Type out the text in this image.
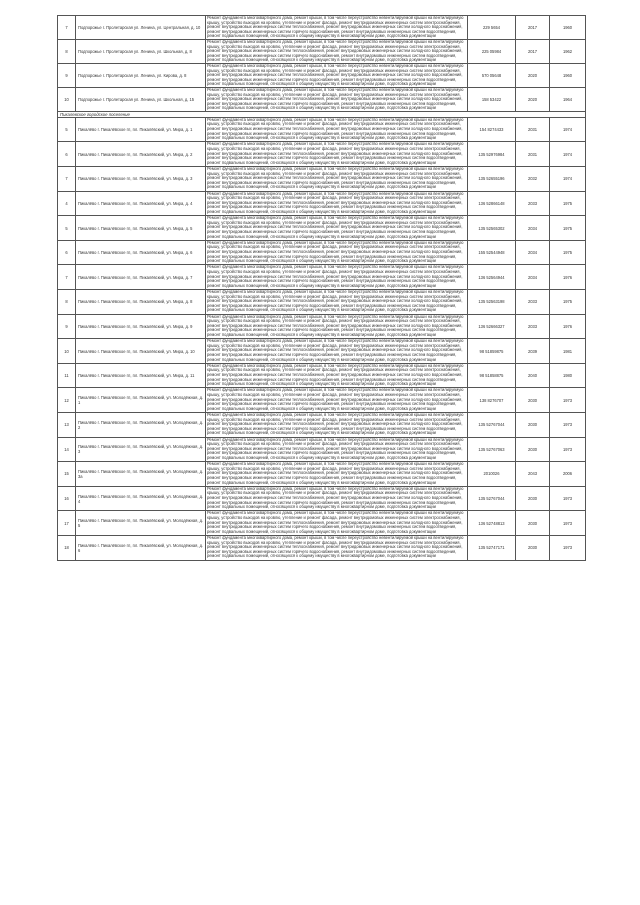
7	Подпорожье г. Пролетарская ул. Ленина, ул. Центральная, д. 10	Ремонт фундамента многоквартирного дома, ремонт крыши, в том числе переустройство невентилируемой крыши на вентилируемую крышу, устройство выходов на кровлю, утепление и ремонт фасада, ремонт внутридомовых инженерных систем электроснабжения, ремонт внутридомовых инженерных систем теплоснабжения, ремонт внутридомовых инженерных систем холодного водоснабжения, ремонт внутридомовых инженерных систем горячего водоснабжения, ремонт внутридомовых инженерных систем водоотведения, ремонт подвальных помещений, относящихся к общему имуществу в многоквартирном доме, подготовка документации	229 5654	2017	1960
8	Подпорожье г. Пролетарская ул. Ленина, ул. Школьная, д. 8	Ремонт фундамента многоквартирного дома, ремонт крыши, в том числе переустройство невентилируемой крыши на вентилируемую крышу, устройство выходов на кровлю, утепление и ремонт фасада, ремонт внутридомовых инженерных систем электроснабжения, ремонт внутридомовых инженерных систем теплоснабжения, ремонт внутридомовых инженерных систем холодного водоснабжения, ремонт внутридомовых инженерных систем горячего водоснабжения, ремонт внутридомовых инженерных систем водоотведения, ремонт подвальных помещений, относящихся к общему имуществу в многоквартирном доме, подготовка документации	225 05984	2017	1962
9	Подпорожье г. Пролетарская ул. Ленина, ул. Кирова, д. 8	Ремонт фундамента многоквартирного дома, ремонт крыши, в том числе переустройство невентилируемой крыши на вентилируемую крышу, устройство выходов на кровлю, утепление и ремонт фасада, ремонт внутридомовых инженерных систем электроснабжения, ремонт внутридомовых инженерных систем теплоснабжения, ремонт внутридомовых инженерных систем холодного водоснабжения, ремонт внутридомовых инженерных систем горячего водоснабжения, ремонт внутридомовых инженерных систем водоотведения, ремонт подвальных помещений, относящихся к общему имуществу в многоквартирном доме, подготовка документации	570 05648	2020	1960
10	Подпорожье г. Пролетарская ул. Ленина, ул. Школьная, д. 15	Ремонт фундамента многоквартирного дома, ремонт крыши, в том числе переустройство невентилируемой крыши на вентилируемую крышу, устройство выходов на кровлю, утепление и ремонт фасада, ремонт внутридомовых инженерных систем электроснабжения, ремонт внутридомовых инженерных систем теплоснабжения, ремонт внутридомовых инженерных систем холодного водоснабжения, ремонт внутридомовых инженерных систем горячего водоснабжения, ремонт внутридомовых инженерных систем водоотведения, ремонт подвальных помещений, относящихся к общему имуществу в многоквартирном доме, подготовка документации	158 53422	2020	1964
Пикалевское городское поселение					
5	Пикалёво г. Пикалёвское гп, пл. Пикалёвский, ул. Мира, д. 1	Ремонт фундамента многоквартирного дома, ремонт крыши, в том числе переустройство невентилируемой крыши на вентилируемую крышу, устройство выходов на кровлю, утепление и ремонт фасада, ремонт внутридомовых инженерных систем электроснабжения, ремонт внутридомовых инженерных систем теплоснабжения, ремонт внутридомовых инженерных систем холодного водоснабжения, ремонт внутридомовых инженерных систем горячего водоснабжения, ремонт внутридомовых инженерных систем водоотведения, ремонт подвальных помещений, относящихся к общему имуществу в многоквартирном доме, подготовка документации	154 8274433	2031	1974
6	Пикалёво г. Пикалёвское гп, пл. Пикалёвский, ул. Мира, д. 2	Ремонт фундамента многоквартирного дома, ремонт крыши, в том числе переустройство невентилируемой крыши на вентилируемую крышу, устройство выходов на кровлю, утепление и ремонт фасада, ремонт внутридомовых инженерных систем электроснабжения, ремонт внутридомовых инженерных систем теплоснабжения, ремонт внутридомовых инженерных систем холодного водоснабжения, ремонт внутридомовых инженерных систем горячего водоснабжения, ремонт внутридомовых инженерных систем водоотведения, ремонт подвальных помещений, относящихся к общему имуществу в многоквартирном доме, подготовка документации	135 52976984	2031	1974
7	Пикалёво г. Пикалёвское гп, пл. Пикалёвский, ул. Мира, д. 3	Ремонт фундамента многоквартирного дома, ремонт крыши, в том числе переустройство невентилируемой крыши на вентилируемую крышу, устройство выходов на кровлю, утепление и ремонт фасада, ремонт внутридомовых инженерных систем электроснабжения, ремонт внутридомовых инженерных систем теплоснабжения, ремонт внутридомовых инженерных систем холодного водоснабжения, ремонт внутридомовых инженерных систем горячего водоснабжения, ремонт внутридомовых инженерных систем водоотведения, ремонт подвальных помещений, относящихся к общему имуществу в многоквартирном доме, подготовка документации	135 52655196	2032	1974
4	Пикалёво г. Пикалёвское гп, пл. Пикалёвский, ул. Мира, д. 4	Ремонт фундамента многоквартирного дома, ремонт крыши, в том числе переустройство невентилируемой крыши на вентилируемую крышу, устройство выходов на кровлю, утепление и ремонт фасада, ремонт внутридомовых инженерных систем электроснабжения, ремонт внутридомовых инженерных систем теплоснабжения, ремонт внутридомовых инженерных систем холодного водоснабжения, ремонт внутридомовых инженерных систем горячего водоснабжения, ремонт внутридомовых инженерных систем водоотведения, ремонт подвальных помещений, относящихся к общему имуществу в многоквартирном доме, подготовка документации	136 52866148	2033	1975
5	Пикалёво г. Пикалёвское гп, пл. Пикалёвский, ул. Мира, д. 5	Ремонт фундамента многоквартирного дома, ремонт крыши, в том числе переустройство невентилируемой крыши на вентилируемую крышу, устройство выходов на кровлю, утепление и ремонт фасада, ремонт внутридомовых инженерных систем электроснабжения, ремонт внутридомовых инженерных систем теплоснабжения, ремонт внутридомовых инженерных систем холодного водоснабжения, ремонт внутридомовых инженерных систем горячего водоснабжения, ремонт внутридомовых инженерных систем водоотведения, ремонт подвальных помещений, относящихся к общему имуществу в многоквартирном доме, подготовка документации	135 52565302	2034	1975
6	Пикалёво г. Пикалёвское гп, пл. Пикалёвский, ул. Мира, д. 6	Ремонт фундамента многоквартирного дома, ремонт крыши, в том числе переустройство невентилируемой крыши на вентилируемую крышу, устройство выходов на кровлю, утепление и ремонт фасада, ремонт внутридомовых инженерных систем электроснабжения, ремонт внутридомовых инженерных систем теплоснабжения, ремонт внутридомовых инженерных систем холодного водоснабжения, ремонт внутридомовых инженерных систем горячего водоснабжения, ремонт внутридомовых инженерных систем водоотведения, ремонт подвальных помещений, относящихся к общему имуществу в многоквартирном доме, подготовка документации	155 52544948	2034	1975
7	Пикалёво г. Пикалёвское гп, пл. Пикалёвский, ул. Мира, д. 7	Ремонт фундамента многоквартирного дома, ремонт крыши, в том числе переустройство невентилируемой крыши на вентилируемую крышу, устройство выходов на кровлю, утепление и ремонт фасада, ремонт внутридомовых инженерных систем электроснабжения, ремонт внутридомовых инженерных систем теплоснабжения, ремонт внутридомовых инженерных систем холодного водоснабжения, ремонт внутридомовых инженерных систем горячего водоснабжения, ремонт внутридомовых инженерных систем водоотведения, ремонт подвальных помещений, относящихся к общему имуществу в многоквартирном доме, подготовка документации	136 52564944	2034	1976
8	Пикалёво г. Пикалёвское гп, пл. Пикалёвский, ул. Мира, д. 8	Ремонт фундамента многоквартирного дома, ремонт крыши, в том числе переустройство невентилируемой крыши на вентилируемую крышу, устройство выходов на кровлю, утепление и ремонт фасада, ремонт внутридомовых инженерных систем электроснабжения, ремонт внутридомовых инженерных систем теплоснабжения, ремонт внутридомовых инженерных систем холодного водоснабжения, ремонт внутридомовых инженерных систем горячего водоснабжения, ремонт внутридомовых инженерных систем водоотведения, ремонт подвальных помещений, относящихся к общему имуществу в многоквартирном доме, подготовка документации	135 52563198	2033	1975
9	Пикалёво г. Пикалёвское гп, пл. Пикалёвский, ул. Мира, д. 9	Ремонт фундамента многоквартирного дома, ремонт крыши, в том числе переустройство невентилируемой крыши на вентилируемую крышу, устройство выходов на кровлю, утепление и ремонт фасада, ремонт внутридомовых инженерных систем электроснабжения, ремонт внутридомовых инженерных систем теплоснабжения, ремонт внутридомовых инженерных систем холодного водоснабжения, ремонт внутридомовых инженерных систем горячего водоснабжения, ремонт внутридомовых инженерных систем водоотведения, ремонт подвальных помещений, относящихся к общему имуществу в многоквартирном доме, подготовка документации	136 52666327	2033	1976
10	Пикалёво г. Пикалёвское гп, пл. Пикалёвский, ул. Мира, д. 10	Ремонт фундамента многоквартирного дома, ремонт крыши, в том числе переустройство невентилируемой крыши на вентилируемую крышу, устройство выходов на кровлю, утепление и ремонт фасада, ремонт внутридомовых инженерных систем электроснабжения, ремонт внутридомовых инженерных систем теплоснабжения, ремонт внутридомовых инженерных систем холодного водоснабжения, ремонт внутридомовых инженерных систем горячего водоснабжения, ремонт внутридомовых инженерных систем водоотведения, ремонт подвальных помещений, относящихся к общему имуществу в многоквартирном доме, подготовка документации	98 51859875	2039	1981
11	Пикалёво г. Пикалёвское гп, пл. Пикалёвский, ул. Мира, д. 11	Ремонт фундамента многоквартирного дома, ремонт крыши, в том числе переустройство невентилируемой крыши на вентилируемую крышу, устройство выходов на кровлю, утепление и ремонт фасада, ремонт внутридомовых инженерных систем электроснабжения, ремонт внутридомовых инженерных систем теплоснабжения, ремонт внутридомовых инженерных систем холодного водоснабжения, ремонт внутридомовых инженерных систем горячего водоснабжения, ремонт внутридомовых инженерных систем водоотведения, ремонт подвальных помещений, относящихся к общему имуществу в многоквартирном доме, подготовка документации	98 51858875	2040	1980
12	Пикалёво г. Пикалёвское гп, пл. Пикалёвский, ул. Молодёжная, д. 1	Ремонт фундамента многоквартирного дома, ремонт крыши, в том числе переустройство невентилируемой крыши на вентилируемую крышу, устройство выходов на кровлю, утепление и ремонт фасада, ремонт внутридомовых инженерных систем электроснабжения, ремонт внутридомовых инженерных систем теплоснабжения, ремонт внутридомовых инженерных систем холодного водоснабжения, ремонт внутридомовых инженерных систем горячего водоснабжения, ремонт внутридомовых инженерных систем водоотведения, ремонт подвальных помещений, относящихся к общему имуществу в многоквартирном доме, подготовка документации	138 8276707	2030	1973
13	Пикалёво г. Пикалёвское гп, пл. Пикалёвский, ул. Молодёжная, д. 2	Ремонт фундамента многоквартирного дома, ремонт крыши, в том числе переустройство невентилируемой крыши на вентилируемую крышу, устройство выходов на кровлю, утепление и ремонт фасада, ремонт внутридомовых инженерных систем электроснабжения, ремонт внутридомовых инженерных систем теплоснабжения, ремонт внутридомовых инженерных систем холодного водоснабжения, ремонт внутридомовых инженерных систем горячего водоснабжения, ремонт внутридомовых инженерных систем водоотведения, ремонт подвальных помещений, относящихся к общему имуществу в многоквартирном доме, подготовка документации	135 52767044	2030	1973
14	Пикалёво г. Пикалёвское гп, пл. Пикалёвский, ул. Молодёжная, д. 3	Ремонт фундамента многоквартирного дома, ремонт крыши, в том числе переустройство невентилируемой крыши на вентилируемую крышу, устройство выходов на кровлю, утепление и ремонт фасада, ремонт внутридомовых инженерных систем электроснабжения, ремонт внутридомовых инженерных систем теплоснабжения, ремонт внутридомовых инженерных систем холодного водоснабжения, ремонт внутридомовых инженерных систем горячего водоснабжения, ремонт внутридомовых инженерных систем водоотведения, ремонт подвальных помещений, относящихся к общему имуществу в многоквартирном доме, подготовка документации	135 52767063	2030	1973
15	Пикалёво г. Пикалёвское гп, пл. Пикалёвский, ул. Молодёжная, д. 3а	Ремонт фундамента многоквартирного дома, ремонт крыши, в том числе переустройство невентилируемой крыши на вентилируемую крышу, устройство выходов на кровлю, утепление и ремонт фасада, ремонт внутридомовых инженерных систем электроснабжения, ремонт внутридомовых инженерных систем теплоснабжения, ремонт внутридомовых инженерных систем холодного водоснабжения, ремонт внутридомовых инженерных систем горячего водоснабжения, ремонт внутридомовых инженерных систем водоотведения, ремонт подвальных помещений, относящихся к общему имуществу в многоквартирном доме, подготовка документации	2010026	2043	2006
16	Пикалёво г. Пикалёвское гп, пл. Пикалёвский, ул. Молодёжная, д. 4	Ремонт фундамента многоквартирного дома, ремонт крыши, в том числе переустройство невентилируемой крыши на вентилируемую крышу, устройство выходов на кровлю, утепление и ремонт фасада, ремонт внутридомовых инженерных систем электроснабжения, ремонт внутридомовых инженерных систем теплоснабжения, ремонт внутридомовых инженерных систем холодного водоснабжения, ремонт внутридомовых инженерных систем горячего водоснабжения, ремонт внутридомовых инженерных систем водоотведения, ремонт подвальных помещений, относящихся к общему имуществу в многоквартирном доме, подготовка документации	135 52767044	2030	1973
17	Пикалёво г. Пикалёвское гп, пл. Пикалёвский, ул. Молодёжная, д. 5	Ремонт фундамента многоквартирного дома, ремонт крыши, в том числе переустройство невентилируемой крыши на вентилируемую крышу, устройство выходов на кровлю, утепление и ремонт фасада, ремонт внутридомовых инженерных систем электроснабжения, ремонт внутридомовых инженерных систем теплоснабжения, ремонт внутридомовых инженерных систем холодного водоснабжения, ремонт внутридомовых инженерных систем горячего водоснабжения, ремонт внутридомовых инженерных систем водоотведения, ремонт подвальных помещений, относящихся к общему имуществу в многоквартирном доме, подготовка документации	136 52748813	2030	1973
18	Пикалёво г. Пикалёвское гп, пл. Пикалёвский, ул. Молодёжная, д. 6	Ремонт фундамента многоквартирного дома, ремонт крыши, в том числе переустройство невентилируемой крыши на вентилируемую крышу, устройство выходов на кровлю, утепление и ремонт фасада, ремонт внутридомовых инженерных систем электроснабжения, ремонт внутридомовых инженерных систем теплоснабжения, ремонт внутридомовых инженерных систем холодного водоснабжения, ремонт внутридомовых инженерных систем горячего водоснабжения, ремонт внутридомовых инженерных систем водоотведения, ремонт подвальных помещений, относящихся к общему имуществу в многоквартирном доме, подготовка документации	135 52747171	2030	1973
